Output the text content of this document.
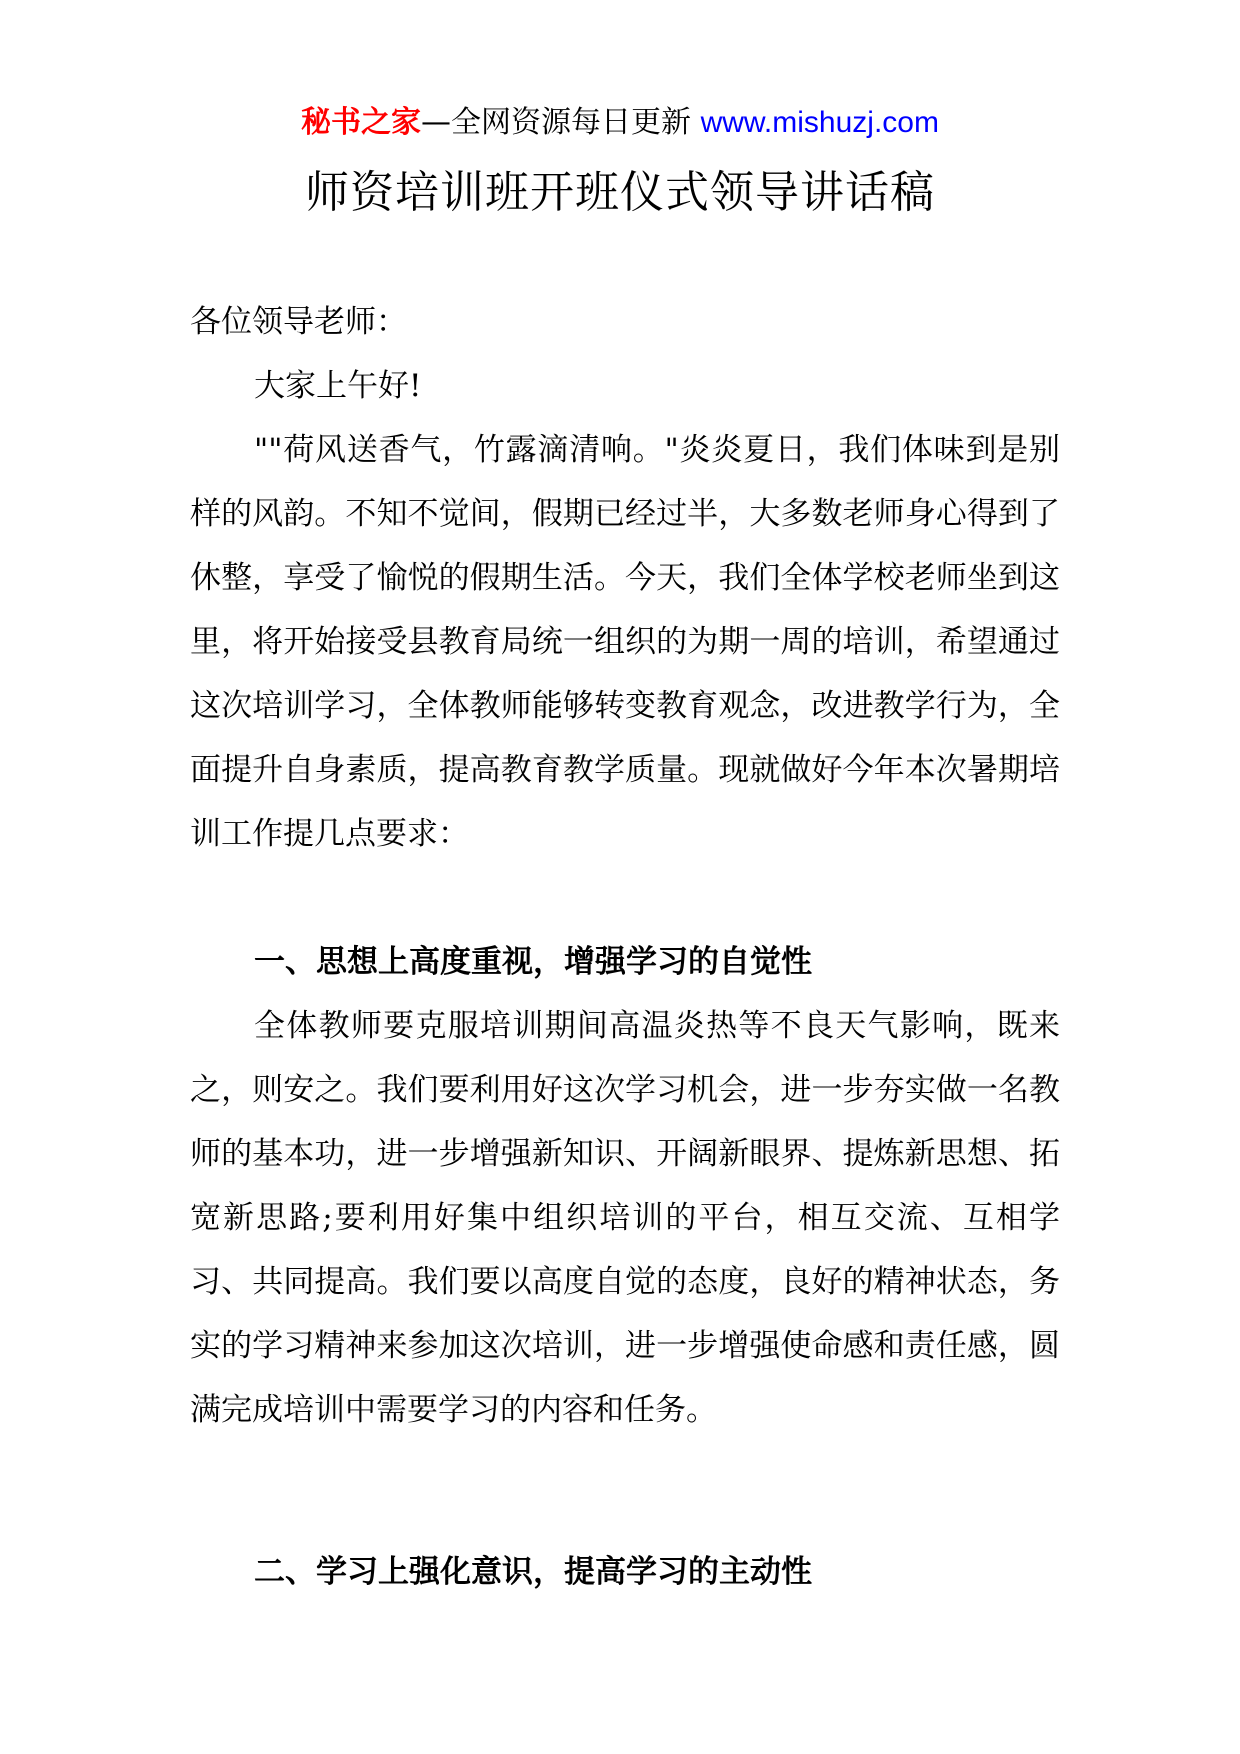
秘书之家—全网资源每日更新 www.mishuzj.com
师资培训班开班仪式领导讲话稿

各位领导老师：

大家上午好!

""荷风送香气，竹露滴清响。"炎炎夏日，我们体味到是别样的风韵。不知不觉间，假期已经过半，大多数老师身心得到了休整，享受了愉悦的假期生活。今天，我们全体学校老师坐到这里，将开始接受县教育局统一组织的为期一周的培训，希望通过这次培训学习，全体教师能够转变教育观念，改进教学行为，全面提升自身素质，提高教育教学质量。现就做好今年本次暑期培训工作提几点要求：

一、思想上高度重视，增强学习的自觉性

全体教师要克服培训期间高温炎热等不良天气影响，既来之，则安之。我们要利用好这次学习机会，进一步夯实做一名教师的基本功，进一步增强新知识、开阔新眼界、提炼新思想、拓宽新思路;要利用好集中组织培训的平台，相互交流、互相学习、共同提高。我们要以高度自觉的态度，良好的精神状态，务实的学习精神来参加这次培训，进一步增强使命感和责任感，圆满完成培训中需要学习的内容和任务。

二、学习上强化意识，提高学习的主动性
